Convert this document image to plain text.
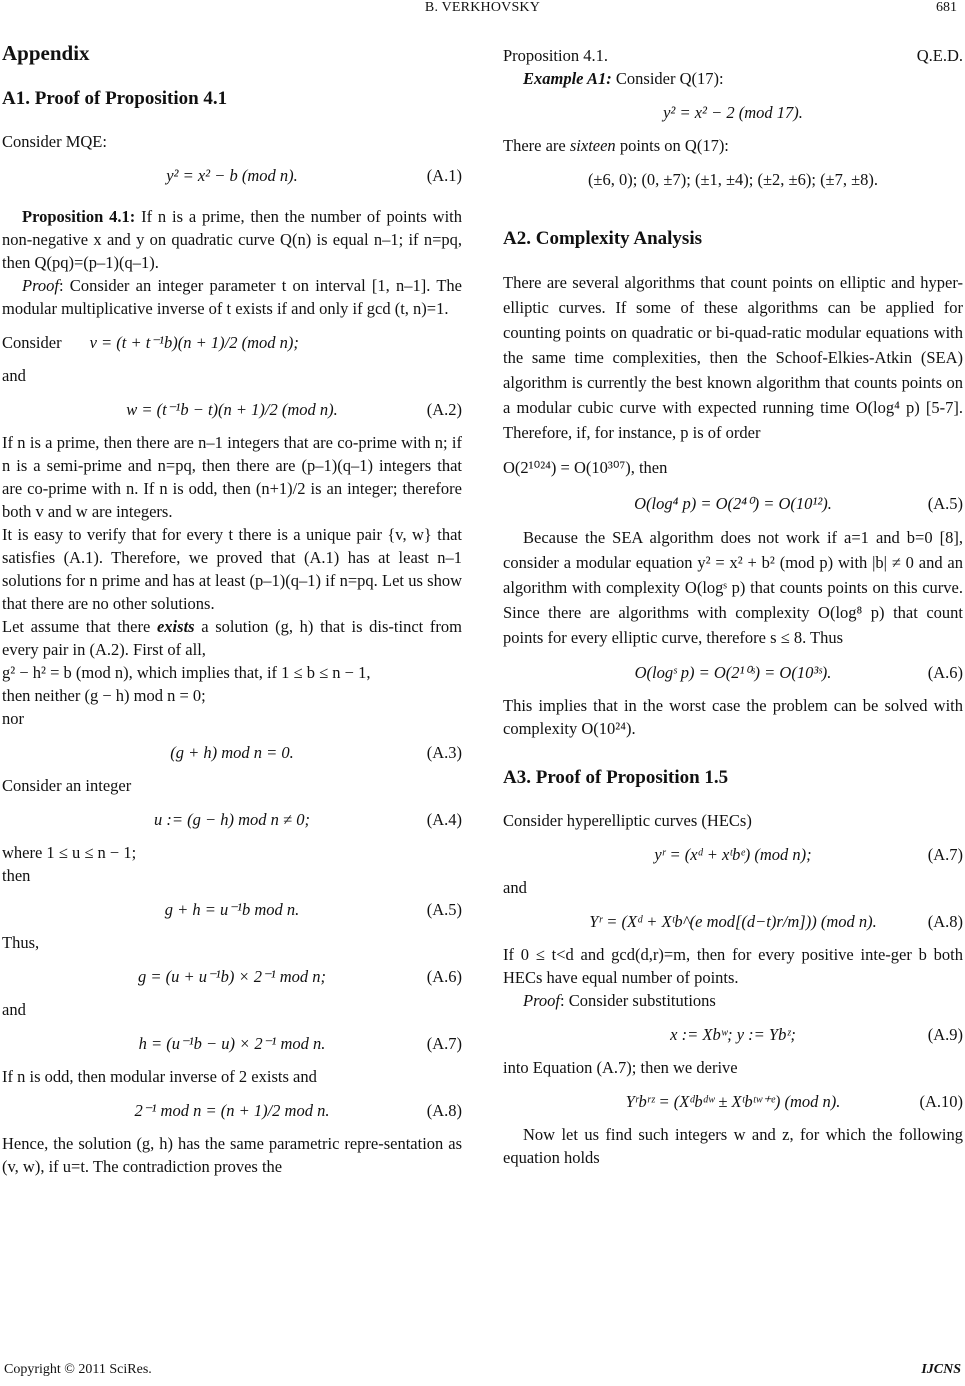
B. VERKHOVSKY	681
Appendix
A1. Proof of Proposition 4.1

Consider MQE:

y² = x² − b (mod n).	(A.1)

Proposition 4.1: If n is a prime, then the number of points with non-negative x and y on quadratic curve Q(n) is equal n–1; if n=pq, then Q(pq)=(p–1)(q–1).

Proof: Consider an integer parameter t on interval [1, n–1]. The modular multiplicative inverse of t exists if and only if gcd (t, n)=1.

Consider v = (t + t⁻¹b)(n + 1)/2 (mod n);

and

w = (t⁻¹b − t)(n + 1)/2 (mod n).	(A.2)

If n is a prime, then there are n–1 integers that are co-prime with n; if n is a semi-prime and n=pq, then there are (p–1)(q–1) integers that are co-prime with n. If n is odd, then (n+1)/2 is an integer; therefore both v and w are integers.

It is easy to verify that for every t there is a unique pair {v, w} that satisfies (A.1). Therefore, we proved that (A.1) has at least n–1 solutions for n prime and has at least (p–1)(q–1) if n=pq. Let us show that there are no other solutions.

Let assume that there exists a solution (g, h) that is dis-tinct from every pair in (A.2). First of all,

g² − h² = b (mod n), which implies that, if 1 ≤ b ≤ n − 1,

then neither (g − h) mod n = 0;

nor

(g + h) mod n = 0.	(A.3)

Consider an integer

u := (g − h) mod n ≠ 0;	(A.4)

where 1 ≤ u ≤ n − 1;

then

g + h = u⁻¹b mod n.	(A.5)

Thus,

g = (u + u⁻¹b) × 2⁻¹ mod n;	(A.6)

and

h = (u⁻¹b − u) × 2⁻¹ mod n.	(A.7)

If n is odd, then modular inverse of 2 exists and

2⁻¹ mod n = (n + 1)/2 mod n.	(A.8)

Hence, the solution (g, h) has the same parametric repre-sentation as (v, w), if u=t. The contradiction proves the

Proposition 4.1.	Q.E.D.

Example A1: Consider Q(17):

y² = x² − 2 (mod 17).

There are sixteen points on Q(17):

(±6, 0); (0, ±7); (±1, ±4); (±2, ±6); (±7, ±8).
A2. Complexity Analysis

There are several algorithms that count points on elliptic and hyper-elliptic curves. If some of these algorithms can be applied for counting points on quadratic or bi-quad-ratic modular equations with the same time complexities, then the Schoof-Elkies-Atkin (SEA) algorithm is currently the best known algorithm that counts points on a modular cubic curve with expected running time O(log⁴ p) [5-7]. Therefore, if, for instance, p is of order

O(2¹⁰²⁴) = O(10³⁰⁷), then
O(log⁴ p) = O(2⁴⁰) = O(10¹²).	(A.5)

Because the SEA algorithm does not work if a=1 and b=0 [8], consider a modular equation y² = x² + b² (mod p) with |b| ≠ 0 and an algorithm with complexity O(logˢ p) that counts points on this curve. Since there are algorithms with complexity O(log⁸ p) that count points for every elliptic curve, therefore s ≤ 8. Thus

O(logˢ p) = O(2¹⁰ˢ) = O(10³ˢ).	(A.6)

This implies that in the worst case the problem can be solved with complexity O(10²⁴).

A3. Proof of Proposition 1.5

Consider hyperelliptic curves (HECs)

yʳ = (xᵈ + xᵗbᵉ) (mod n);	(A.7)

and

Yʳ = (Xᵈ + Xᵗb^(e mod[(d−t)r/m])) (mod n).	(A.8)

If 0 ≤ t<d and gcd(d,r)=m, then for every positive inte-ger b both HECs have equal number of points.

Proof: Consider substitutions

x := Xbʷ; y := Ybᶻ;	(A.9)

into Equation (A.7); then we derive

Yʳbʳᶻ = (Xᵈbᵈʷ ± Xᵗbᵗʷ⁺ᵉ) (mod n).	(A.10)

Now let us find such integers w and z, for which the following equation holds

Copyright © 2011 SciRes.	IJCNS
